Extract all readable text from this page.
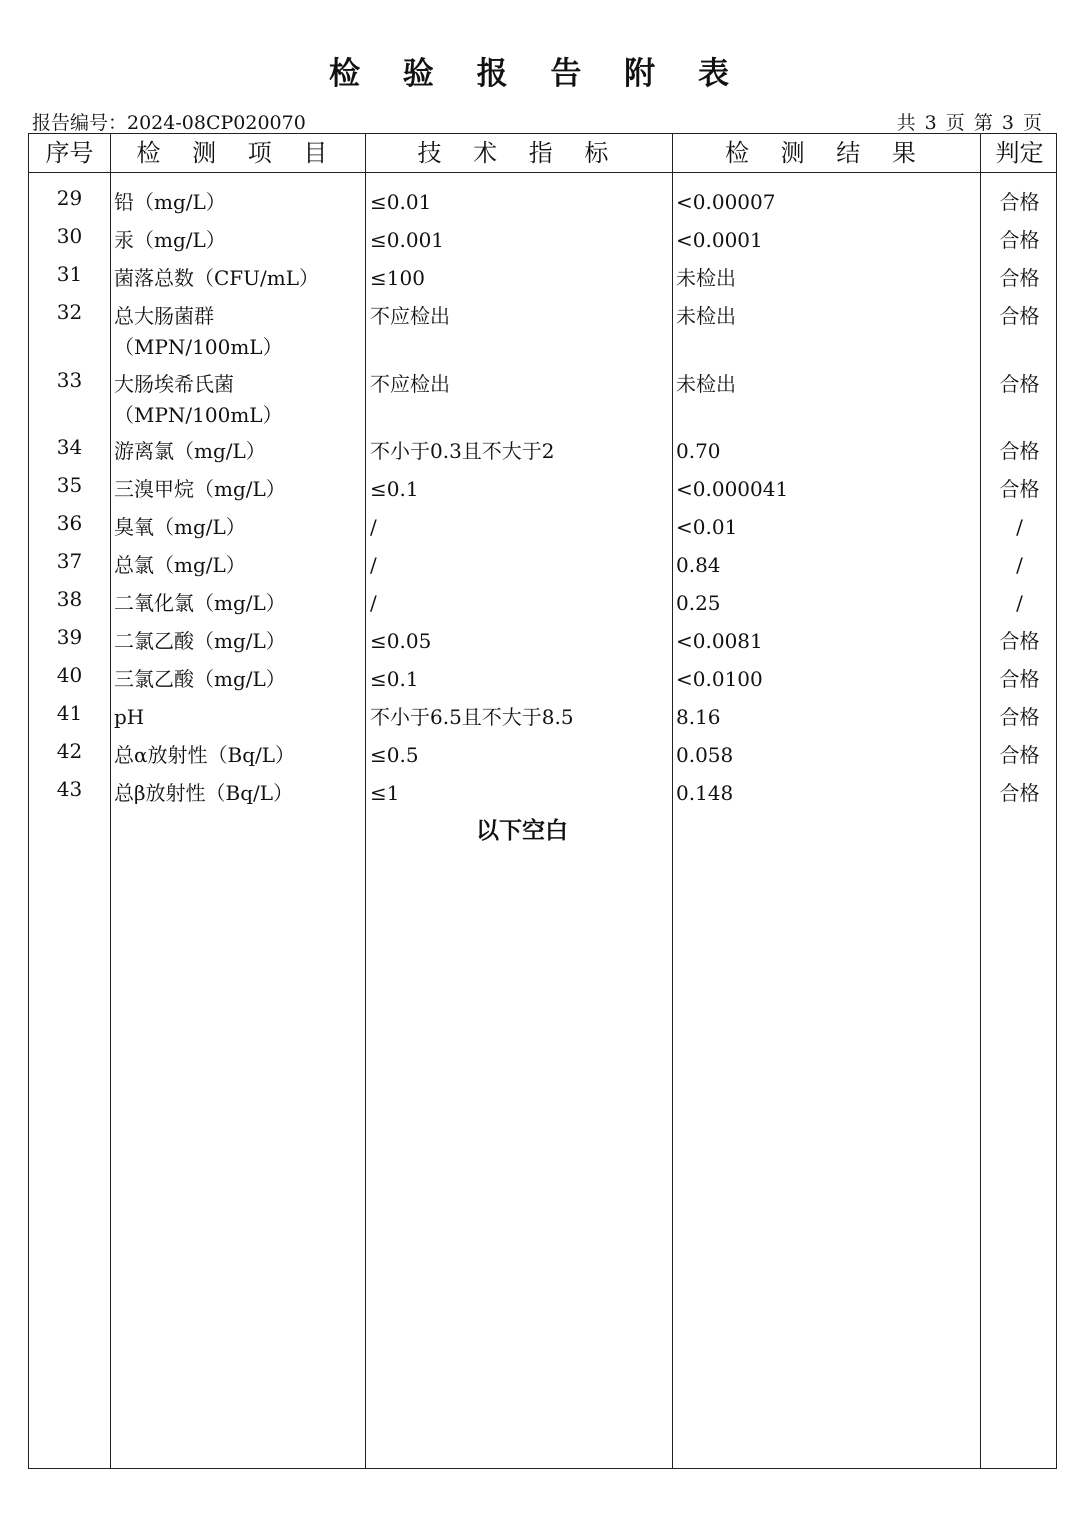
检 验 报 告 附 表
报告编号：2024-08CP020070	共 3 页 第 3 页
序号	检 测 项 目	技 术 指 标	检 测 结 果	判定
29	铅（mg/L）	≤0.01	<0.00007	合格
30	汞（mg/L）	≤0.001	<0.0001	合格
31	菌落总数（CFU/mL）	≤100	未检出	合格
32	总大肠菌群	不应检出	未检出	合格
（MPN/100mL）
33	大肠埃希氏菌	不应检出	未检出	合格
（MPN/100mL）
34	游离氯（mg/L）	不小于0.3且不大于2	0.70	合格
35	三溴甲烷（mg/L）	≤0.1	<0.000041	合格
36	臭氧（mg/L）	/	<0.01	/
37	总氯（mg/L）	/	0.84	/
38	二氧化氯（mg/L）	/	0.25	/
39	二氯乙酸（mg/L）	≤0.05	<0.0081	合格
40	三氯乙酸（mg/L）	≤0.1	<0.0100	合格
41	pH	不小于6.5且不大于8.5	8.16	合格
42	总α放射性（Bq/L）	≤0.5	0.058	合格
43	总β放射性（Bq/L）	≤1	0.148	合格
以下空白
